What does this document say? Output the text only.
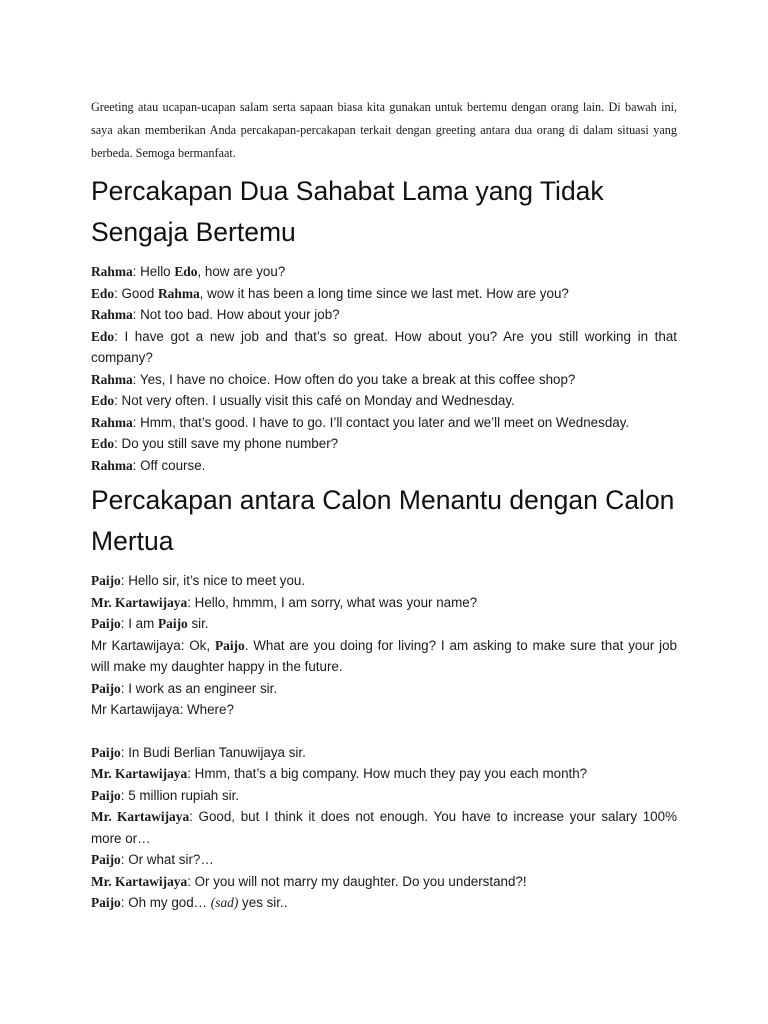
Greeting atau ucapan-ucapan salam serta sapaan biasa kita gunakan untuk bertemu dengan orang lain. Di bawah ini, saya akan memberikan Anda percakapan-percakapan terkait dengan greeting antara dua orang di dalam situasi yang berbeda. Semoga bermanfaat.

Percakapan Dua Sahabat Lama yang Tidak Sengaja Bertemu

Rahma: Hello Edo, how are you?

Edo: Good Rahma, wow it has been a long time since we last met. How are you?

Rahma: Not too bad. How about your job?

Edo: I have got a new job and that’s so great. How about you? Are you still working in that company?

Rahma: Yes, I have no choice. How often do you take a break at this coffee shop?

Edo: Not very often. I usually visit this café on Monday and Wednesday.

Rahma: Hmm, that’s good. I have to go. I’ll contact you later and we’ll meet on Wednesday.

Edo: Do you still save my phone number?

Rahma: Off course.

Percakapan antara Calon Menantu dengan Calon Mertua

Paijo: Hello sir, it’s nice to meet you.

Mr. Kartawijaya: Hello, hmmm, I am sorry, what was your name?

Paijo: I am Paijo sir.

Mr Kartawijaya: Ok, Paijo. What are you doing for living? I am asking to make sure that your job will make my daughter happy in the future.

Paijo: I work as an engineer sir.

Mr Kartawijaya: Where?

Paijo: In Budi Berlian Tanuwijaya sir.

Mr. Kartawijaya: Hmm, that’s a big company. How much they pay you each month?

Paijo: 5 million rupiah sir.

Mr. Kartawijaya: Good, but I think it does not enough. You have to increase your salary 100% more or…

Paijo: Or what sir?…

Mr. Kartawijaya: Or you will not marry my daughter. Do you understand?!

Paijo: Oh my god… (sad) yes sir..
